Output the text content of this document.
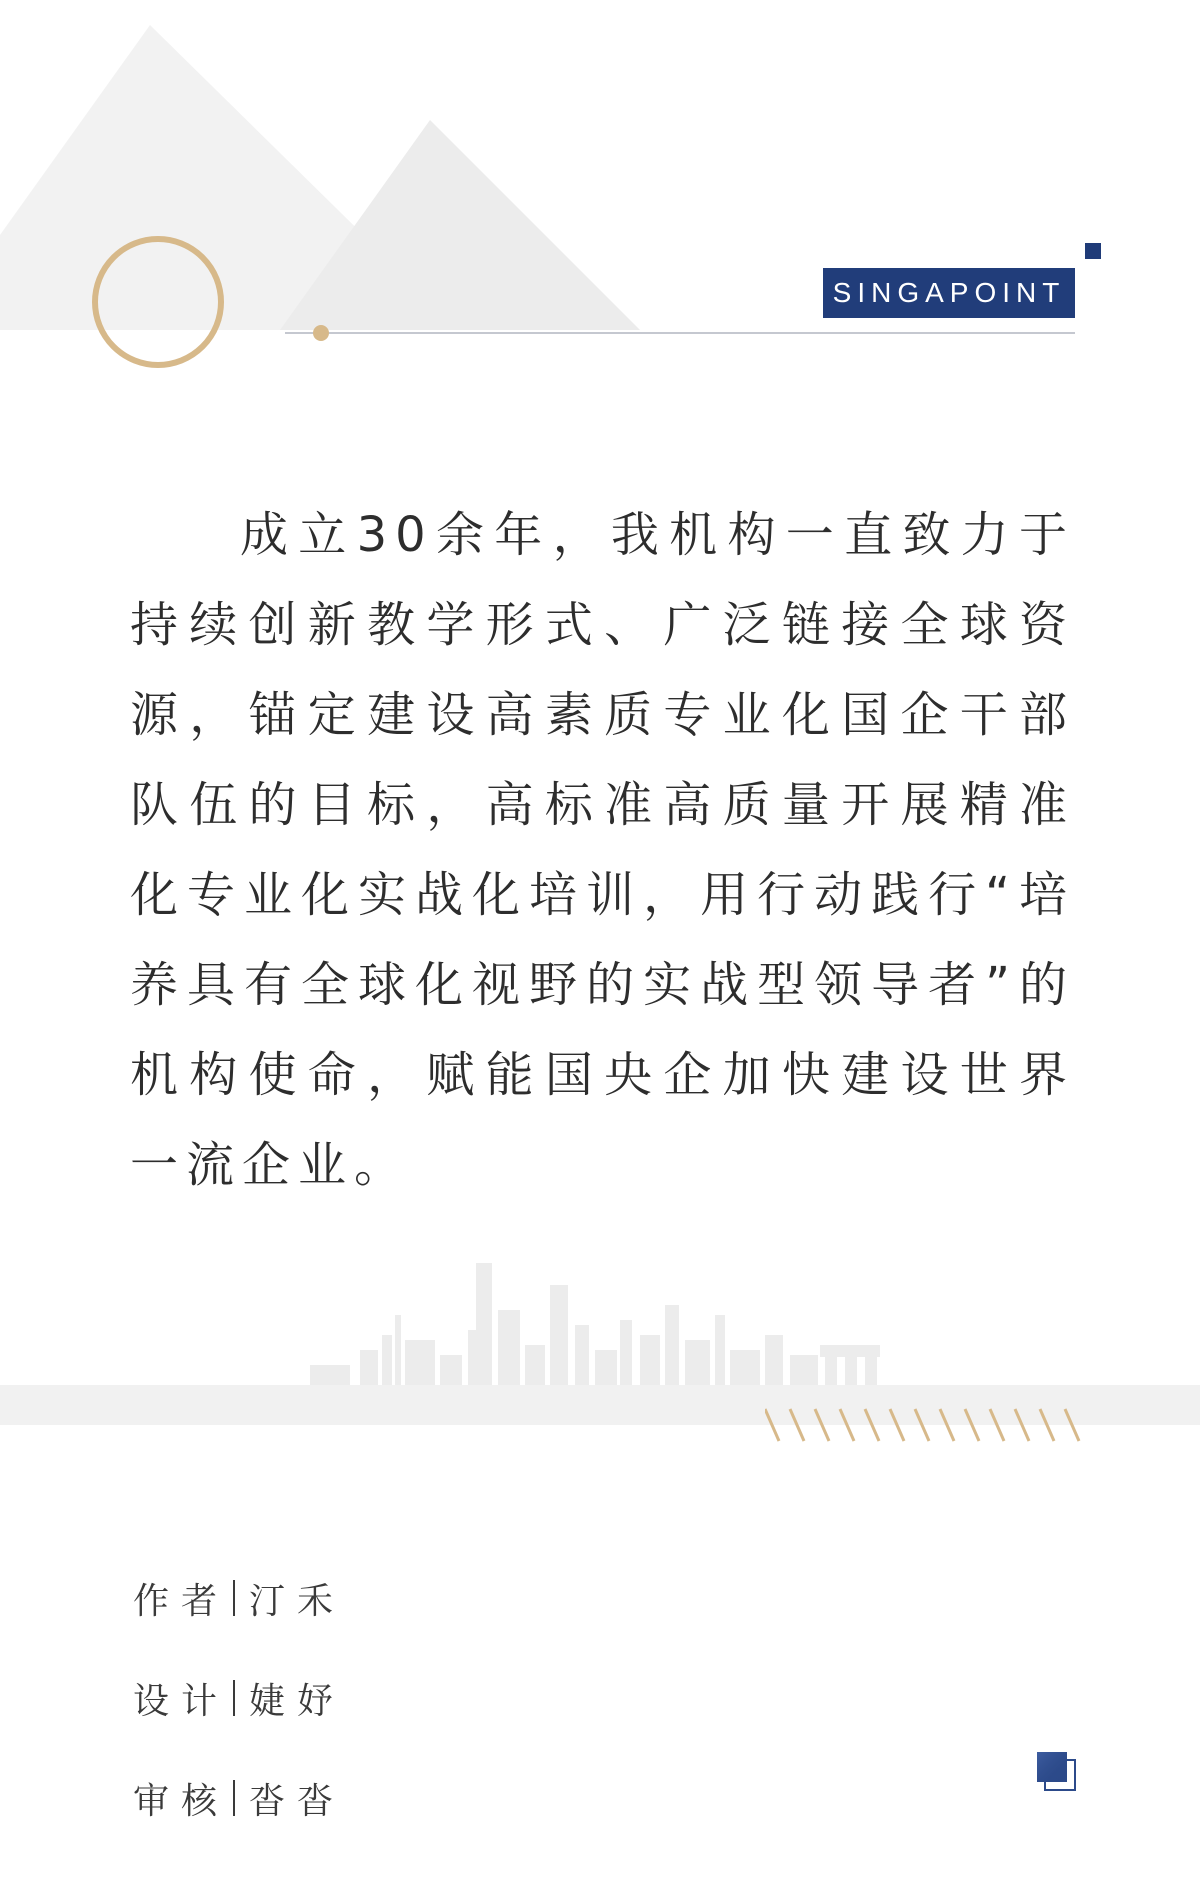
SINGAPOINT

成立30余年，我机构一直致力于持续创新教学形式、广泛链接全球资源，锚定建设高素质专业化国企干部队伍的目标，高标准高质量开展精准化专业化实战化培训，用行动践行“培养具有全球化视野的实战型领导者”的机构使命，赋能国央企加快建设世界一流企业。

作者 汀禾
设计 婕妤
审核 沓沓
